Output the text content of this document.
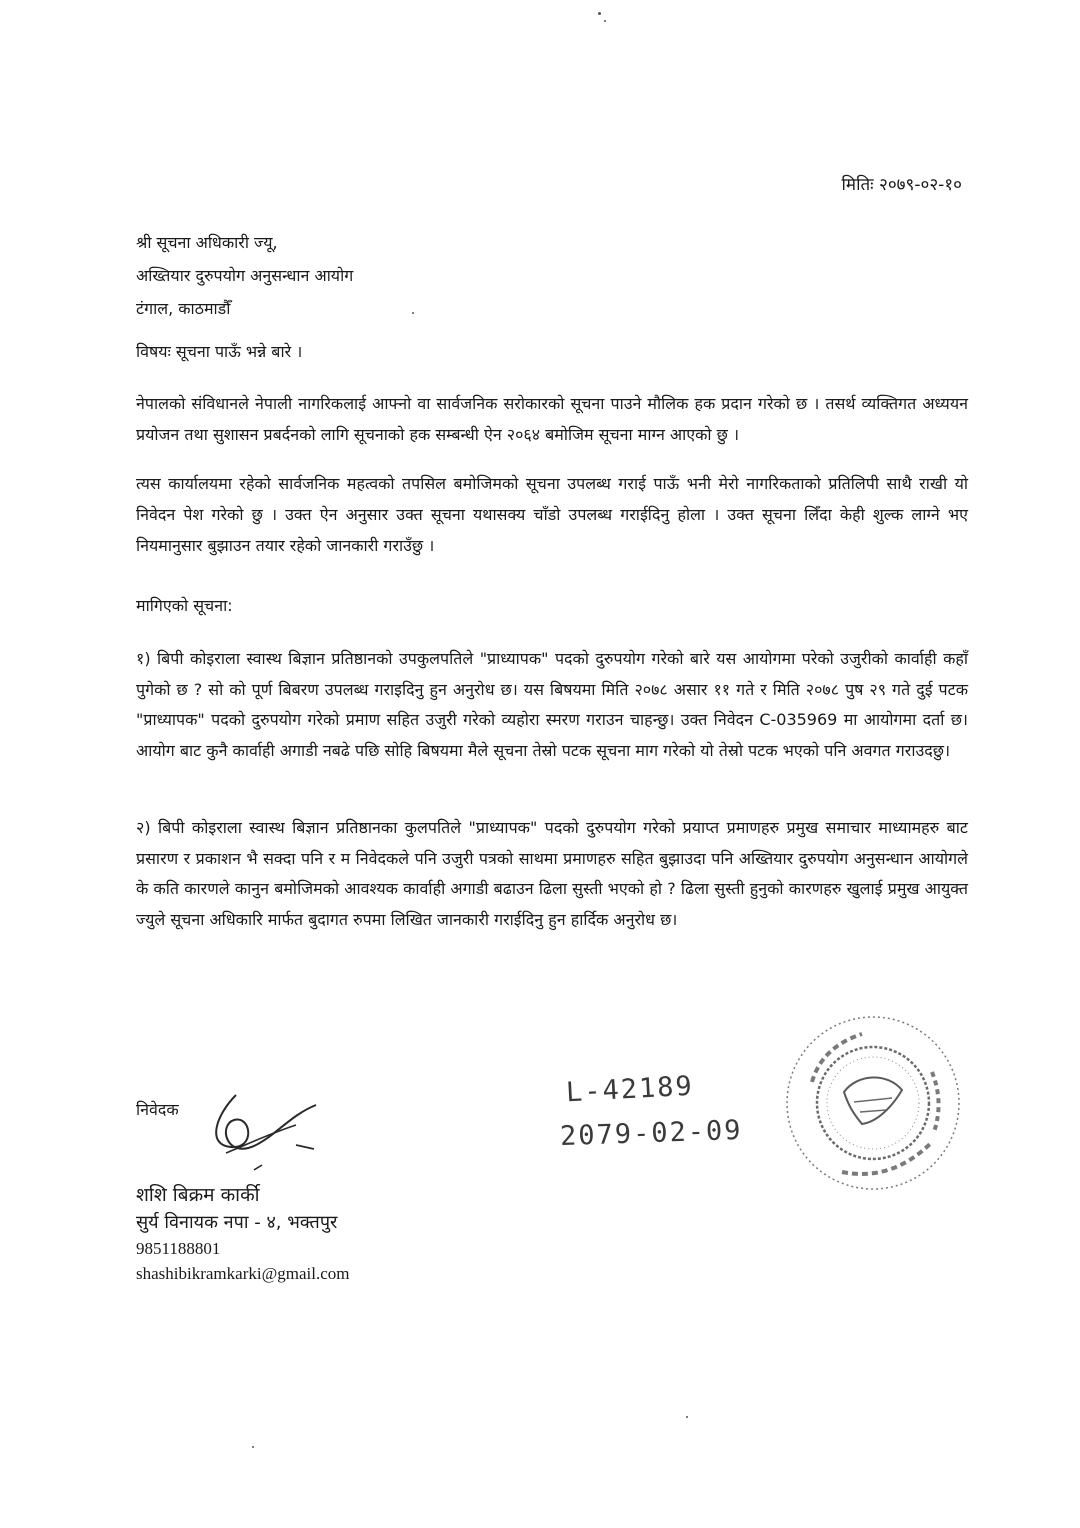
मितिः २०७९-०२-१०
श्री सूचना अधिकारी ज्यू,
अख्तियार दुरुपयोग अनुसन्धान आयोग
टंगाल, काठमाडौँ
विषयः सूचना पाऊँ भन्ने बारे ।
नेपालको संविधानले नेपाली नागरिकलाई आफ्नो वा सार्वजनिक सरोकारको सूचना पाउने मौलिक हक प्रदान गरेको छ । तसर्थ व्यक्तिगत अध्ययन प्रयोजन तथा सुशासन प्रबर्दनको लागि सूचनाको हक सम्बन्धी ऐन २०६४ बमोजिम सूचना माग्न आएको छु ।
त्यस कार्यालयमा रहेको सार्वजनिक महत्वको तपसिल बमोजिमको सूचना उपलब्ध गराई पाऊँ भनी मेरो नागरिकताको प्रतिलिपी साथै राखी यो निवेदन पेश गरेको छु । उक्त ऐन अनुसार उक्त सूचना यथासक्य चाँडो उपलब्ध गराईदिनु होला । उक्त सूचना लिँदा केही शुल्क लाग्ने भए नियमानुसार बुझाउन तयार रहेको जानकारी गराउँछु ।
मागिएको सूचना:
१) बिपी कोइराला स्वास्थ बिज्ञान प्रतिष्ठानको उपकुलपतिले "प्राध्यापक" पदको दुरुपयोग गरेको बारे यस आयोगमा परेको उजुरीको कार्वाही कहाँ पुगेको छ ? सो को पूर्ण बिबरण उपलब्ध गराइदिनु हुन अनुरोध छ। यस बिषयमा मिति २०७८ असार ११ गते र मिति २०७८ पुष २९ गते दुई पटक "प्राध्यापक" पदको दुरुपयोग गरेको प्रमाण सहित उजुरी गरेको व्यहोरा स्मरण गराउन चाहन्छु। उक्त निवेदन C-035969 मा आयोगमा दर्ता छ। आयोग बाट कुनै कार्वाही अगाडी नबढे पछि सोहि बिषयमा मैले सूचना तेस्रो पटक सूचना माग गरेको यो तेस्रो पटक भएको पनि अवगत गराउदछु।
२) बिपी कोइराला स्वास्थ बिज्ञान प्रतिष्ठानका कुलपतिले "प्राध्यापक" पदको दुरुपयोग गरेको प्रयाप्त प्रमाणहरु प्रमुख समाचार माध्यामहरु बाट प्रसारण र प्रकाशन भै सक्दा पनि र म निवेदकले पनि उजुरी पत्रको साथमा प्रमाणहरु सहित बुझाउदा पनि अख्तियार दुरुपयोग अनुसन्धान आयोगले के कति कारणले कानुन बमोजिमको आवश्यक कार्वाही अगाडी बढाउन ढिला सुस्ती भएको हो ? ढिला सुस्ती हुनुको कारणहरु खुलाई प्रमुख आयुक्त ज्युले सूचना अधिकारि मार्फत बुदागत रुपमा लिखित जानकारी गराईदिनु हुन हार्दिक अनुरोध छ।
निवेदक
शशि बिक्रम कार्की
सुर्य विनायक नपा - ४, भक्तपुर
9851188801
shashibikramkarki@gmail.com
L-42189
2079-02-09
